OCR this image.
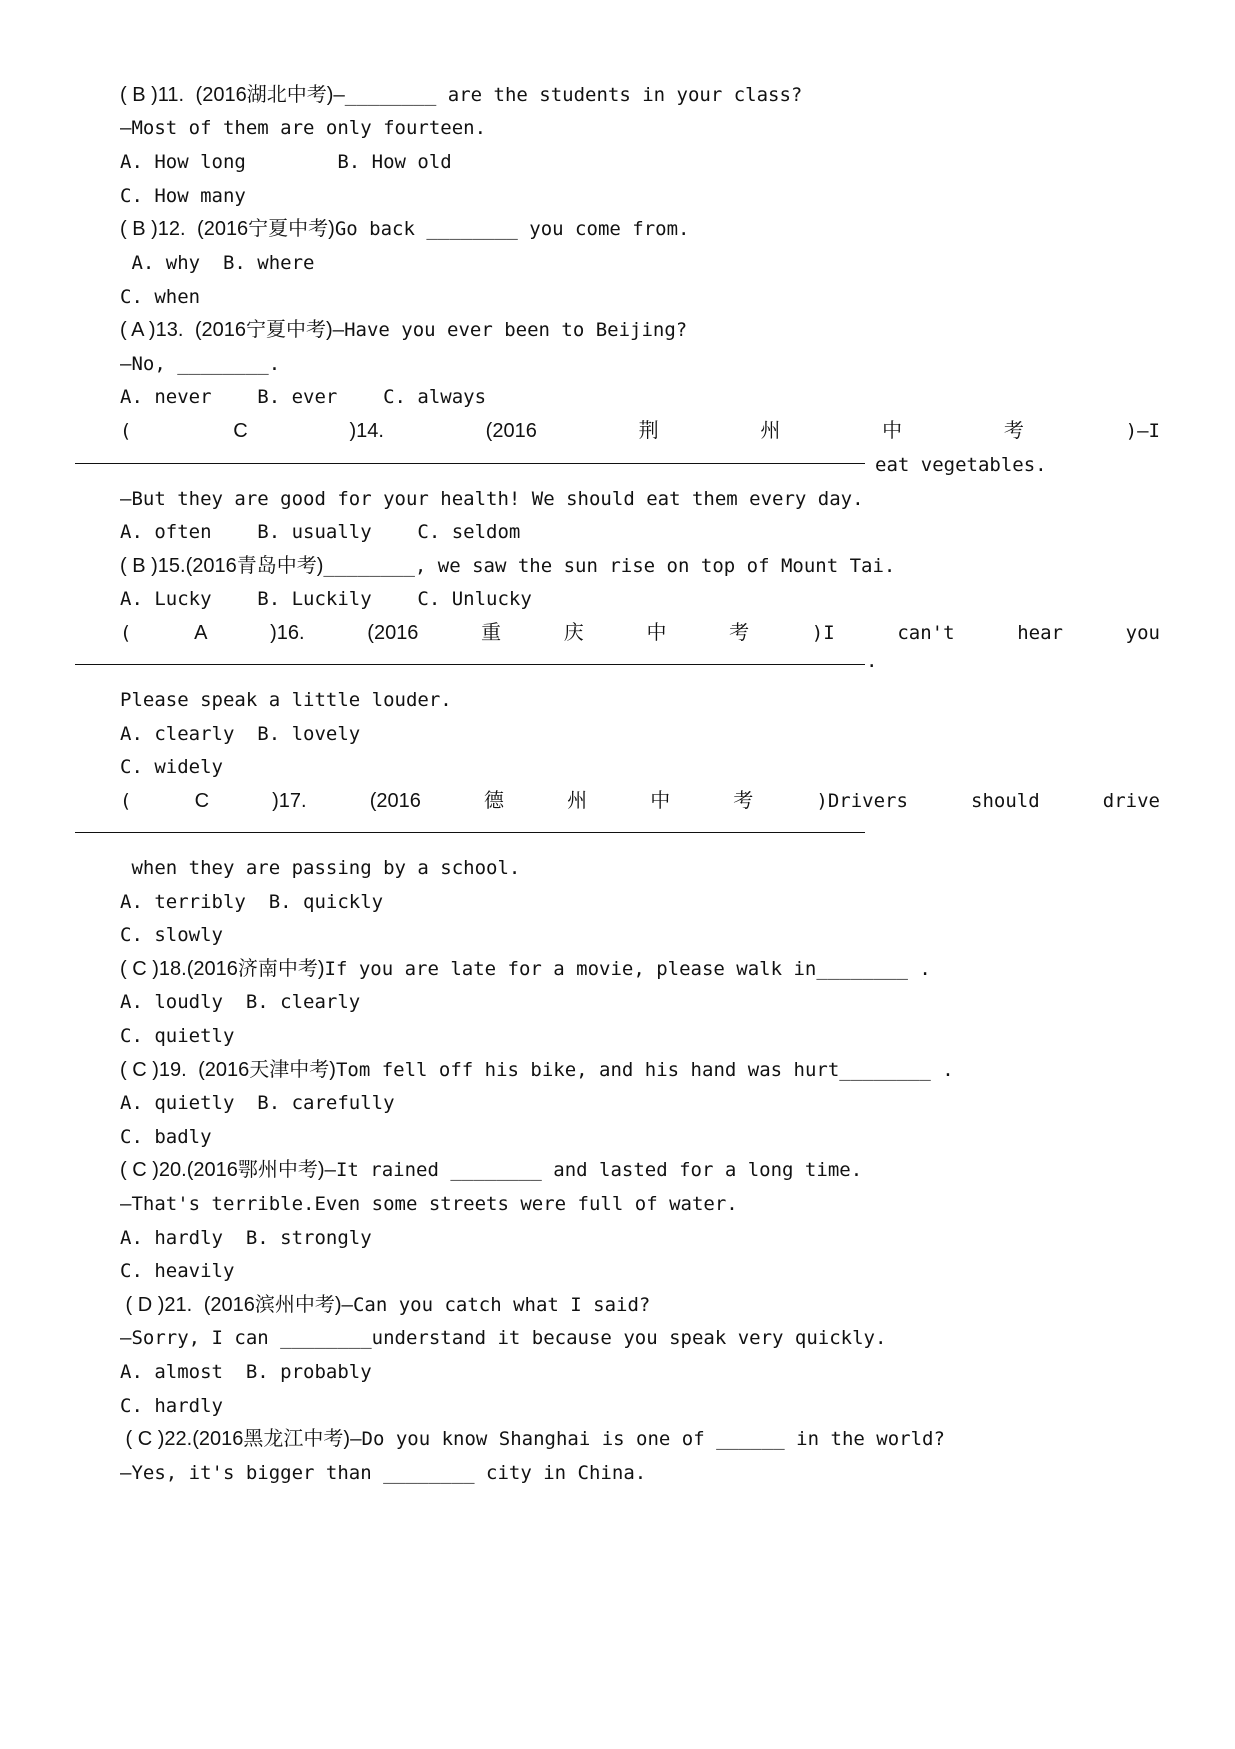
( B )11. (2016湖北中考)—________ are the students in your class?
—Most of them are only fourteen.
A. How long        B. How old
C. How many
( B )12. (2016宁夏中考)Go back ________ you come from.
A. why  B. where
C. when
( A )13. (2016宁夏中考)—Have you ever been to Beijing?
—No, ________.
A. never    B. ever    C. always
(	C	)14.	(2016	荆	州	中	考	)—I
eat vegetables.
—But they are good for your health! We should eat them every day.
A. often    B. usually    C. seldom
( B )15.(2016青岛中考)________, we saw the sun rise on top of Mount Tai.
A. Lucky    B. Luckily    C. Unlucky
(	A	)16.	(2016	重	庆	中	考	)I	can't	hear	you
.
Please speak a little louder.
A. clearly  B. lovely
C. widely
(	C	)17.	(2016	德	州	中	考	)Drivers	should	drive
when they are passing by a school.
A. terribly  B. quickly
C. slowly
( C )18.(2016济南中考)If you are late for a movie, please walk in________ .
A. loudly  B. clearly
C. quietly
( C )19. (2016天津中考)Tom fell off his bike, and his hand was hurt________ .
A. quietly  B. carefully
C. badly
( C )20.(2016鄂州中考)—It rained ________ and lasted for a long time.
—That's terrible.Even some streets were full of water.
A. hardly  B. strongly
C. heavily
( D )21. (2016滨州中考)—Can you catch what I said?
—Sorry, I can ________understand it because you speak very quickly.
A. almost  B. probably
C. hardly
( C )22.(2016黑龙江中考)—Do you know Shanghai is one of ______ in the world?
—Yes, it's bigger than ________ city in China.
